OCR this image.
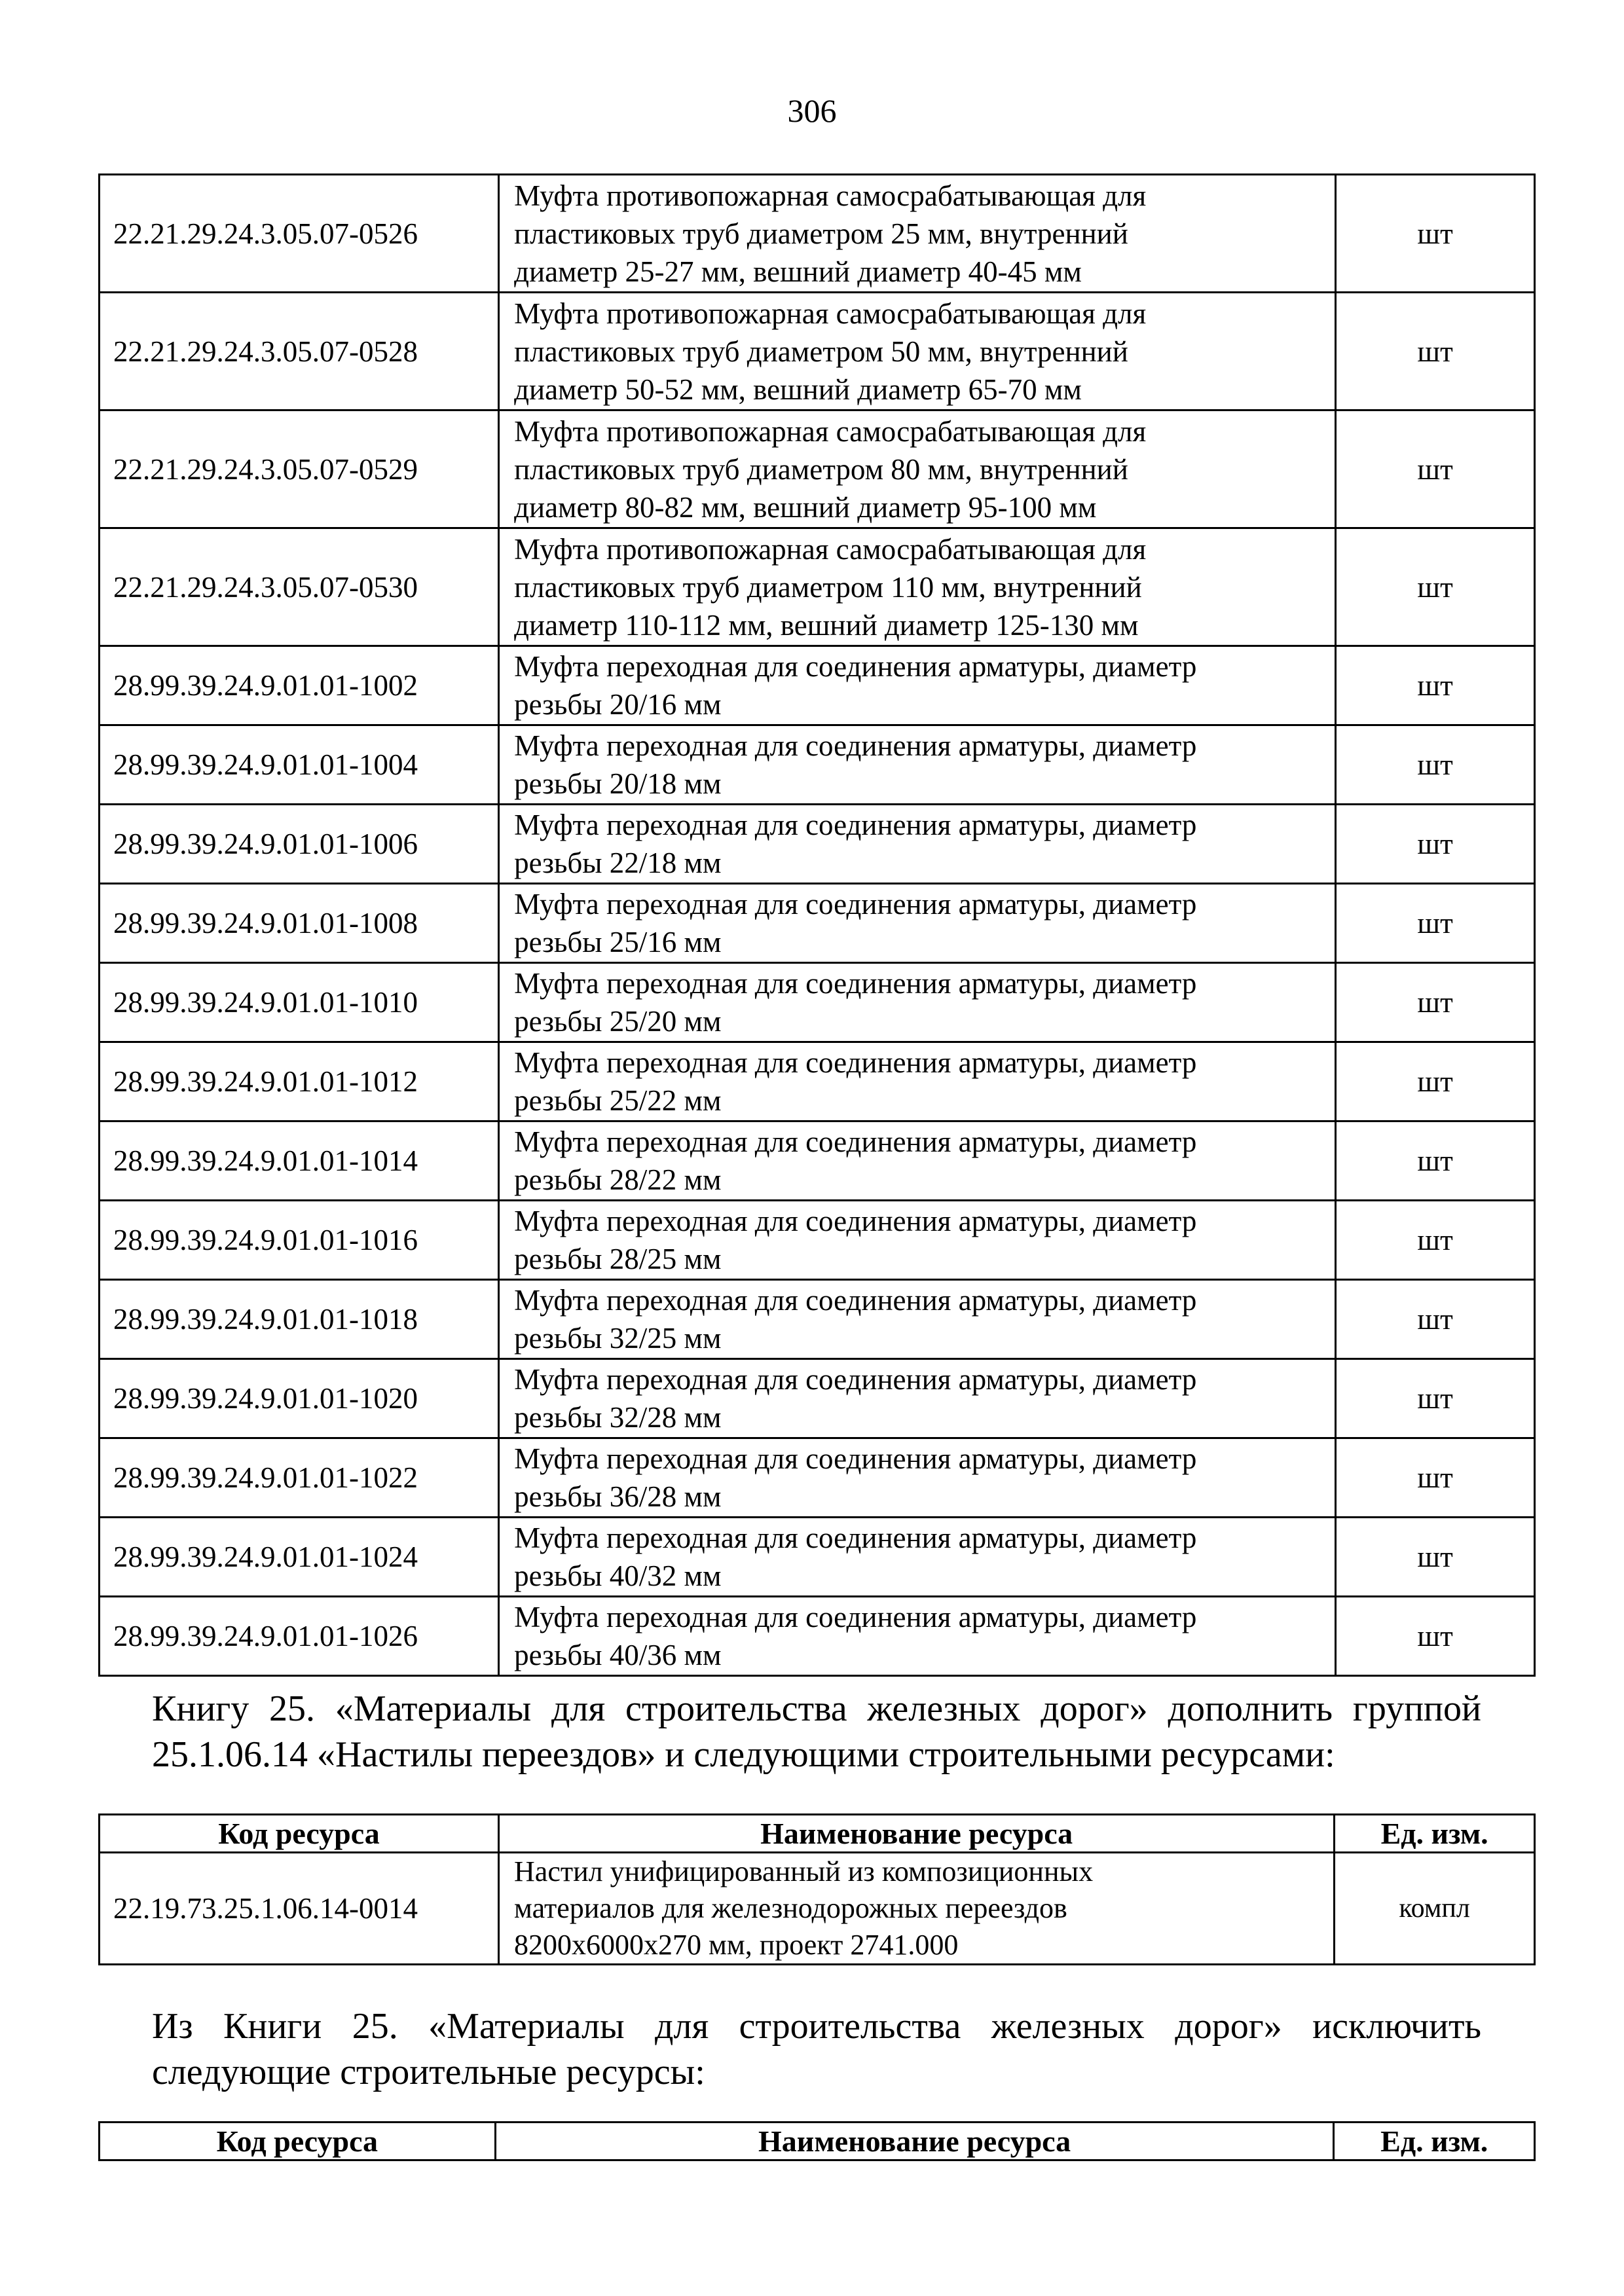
306
22.21.29.24.3.05.07-0526	Муфта противопожарная самосрабатывающая для
пластиковых труб диаметром 25 мм, внутренний
диаметр 25-27 мм, вешний диаметр 40-45 мм	шт
22.21.29.24.3.05.07-0528	Муфта противопожарная самосрабатывающая для
пластиковых труб диаметром 50 мм, внутренний
диаметр 50-52 мм, вешний диаметр 65-70 мм	шт
22.21.29.24.3.05.07-0529	Муфта противопожарная самосрабатывающая для
пластиковых труб диаметром 80 мм, внутренний
диаметр 80-82 мм, вешний диаметр 95-100 мм	шт
22.21.29.24.3.05.07-0530	Муфта противопожарная самосрабатывающая для
пластиковых труб диаметром 110 мм, внутренний
диаметр 110-112 мм, вешний диаметр 125-130 мм	шт
28.99.39.24.9.01.01-1002	Муфта переходная для соединения арматуры, диаметр
резьбы 20/16 мм	шт
28.99.39.24.9.01.01-1004	Муфта переходная для соединения арматуры, диаметр
резьбы 20/18 мм	шт
28.99.39.24.9.01.01-1006	Муфта переходная для соединения арматуры, диаметр
резьбы 22/18 мм	шт
28.99.39.24.9.01.01-1008	Муфта переходная для соединения арматуры, диаметр
резьбы 25/16 мм	шт
28.99.39.24.9.01.01-1010	Муфта переходная для соединения арматуры, диаметр
резьбы 25/20 мм	шт
28.99.39.24.9.01.01-1012	Муфта переходная для соединения арматуры, диаметр
резьбы 25/22 мм	шт
28.99.39.24.9.01.01-1014	Муфта переходная для соединения арматуры, диаметр
резьбы 28/22 мм	шт
28.99.39.24.9.01.01-1016	Муфта переходная для соединения арматуры, диаметр
резьбы 28/25 мм	шт
28.99.39.24.9.01.01-1018	Муфта переходная для соединения арматуры, диаметр
резьбы 32/25 мм	шт
28.99.39.24.9.01.01-1020	Муфта переходная для соединения арматуры, диаметр
резьбы 32/28 мм	шт
28.99.39.24.9.01.01-1022	Муфта переходная для соединения арматуры, диаметр
резьбы 36/28 мм	шт
28.99.39.24.9.01.01-1024	Муфта переходная для соединения арматуры, диаметр
резьбы 40/32 мм	шт
28.99.39.24.9.01.01-1026	Муфта переходная для соединения арматуры, диаметр
резьбы 40/36 мм	шт
Книгу 25. «Материалы для строительства железных дорог» дополнить группой 25.1.06.14 «Настилы переездов» и следующими строительными ресурсами:
Код ресурса	Наименование ресурса	Ед. изм.
22.19.73.25.1.06.14-0014	Настил унифицированный из композиционных
материалов для железнодорожных переездов
8200x6000x270 мм, проект 2741.000	компл
Из Книги 25. «Материалы для строительства железных дорог» исключить следующие строительные ресурсы:
Код ресурса	Наименование ресурса	Ед. изм.
